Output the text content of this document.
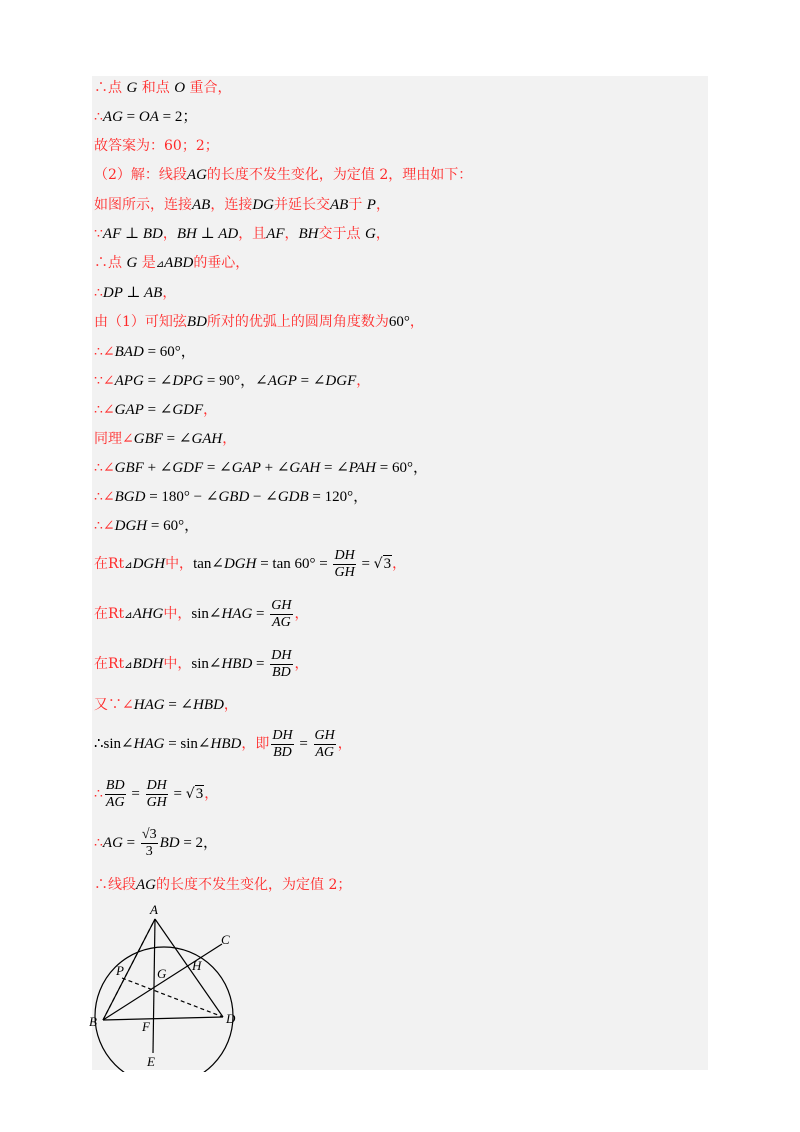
∴点 G 和点 O 重合，
∴AG = OA = 2；
故答案为：60；2；
（2）解：线段AG的长度不发生变化，为定值 2，理由如下：
如图所示，连接AB，连接DG并延长交AB于 P，
∵AF ⊥ BD，BH ⊥ AD，且AF，BH交于点 G，
∴点 G 是⊿ABD的垂心，
∴DP ⊥ AB，
由（1）可知弦BD所对的优弧上的圆周角度数为60°，
∴∠BAD = 60°，
∵∠APG = ∠DPG = 90°，∠AGP = ∠DGF，
∴∠GAP = ∠GDF，
同理∠GBF = ∠GAH，
∴∠GBF + ∠GDF = ∠GAP + ∠GAH = ∠PAH = 60°，
∴∠BGD = 180° − ∠GBD − ∠GDB = 120°，
∴∠DGH = 60°，
在Rt⊿DGH中，tan∠DGH = $\tan 60^\circ = \frac{DH}{GH} = √3$，
在Rt⊿AHG中，sin∠HAG = $\frac{GH}{AG}$ ，
在Rt⊿BDH中，sin∠HBD = $\frac{DH}{BD}$ ，
又∵∠HAG = ∠HBD，
∴sin∠HAG = sin∠HBD，即 $\frac{DH}{BD} = \frac{GH}{AG}$ ，
∴ $\frac{BD}{AG} = \frac{DH}{GH} = √3$，
∴AG = $\frac{√3}{3}$ BD = 2，
∴线段AG的长度不发生变化，为定值 2；
A
C
H
P	G
B	D
F
E
